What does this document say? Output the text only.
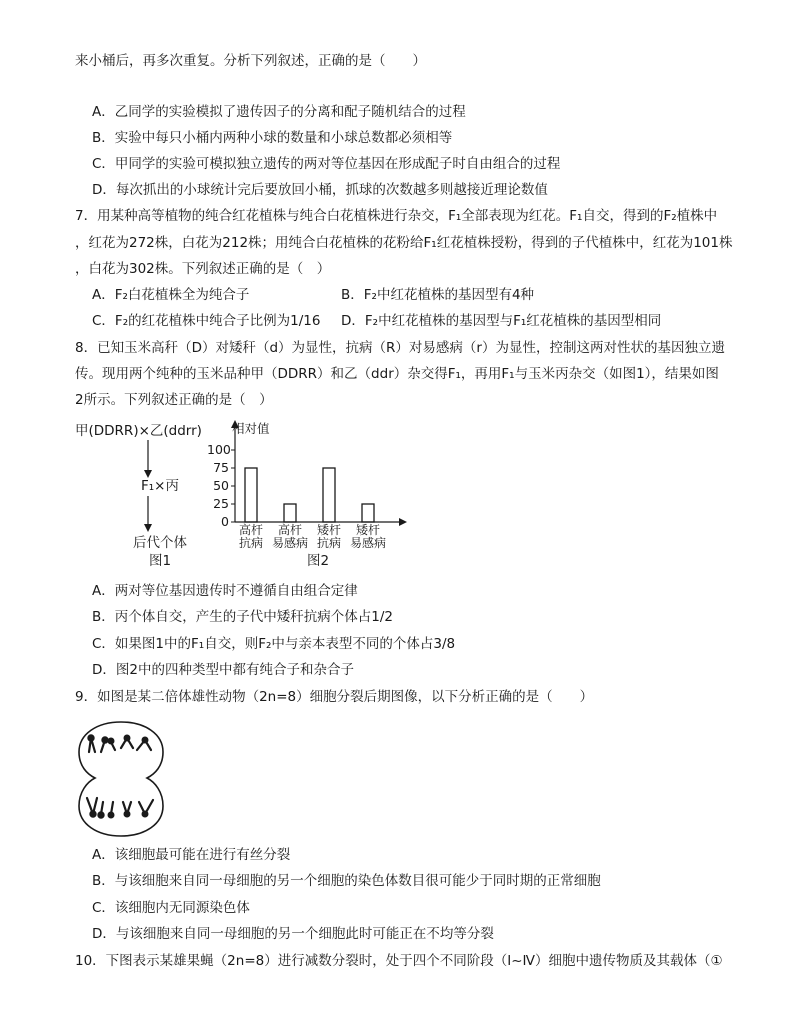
来小桶后，再多次重复。分析下列叙述，正确的是（　　）
A．乙同学的实验模拟了遗传因子的分离和配子随机结合的过程
B．实验中每只小桶内两种小球的数量和小球总数都必须相等
C．甲同学的实验可模拟独立遗传的两对等位基因在形成配子时自由组合的过程
D．每次抓出的小球统计完后要放回小桶，抓球的次数越多则越接近理论数值
7．用某种高等植物的纯合红花植株与纯合白花植株进行杂交，F₁全部表现为红花。F₁自交，得到的F₂植株中
，红花为272株，白花为212株；用纯合白花植株的花粉给F₁红花植株授粉，得到的子代植株中，红花为101株
，白花为302株。下列叙述正确的是（　）
A．F₂白花植株全为纯合子	B．F₂中红花植株的基因型有4种
C．F₂的红花植株中纯合子比例为1/16 D．F₂中红花植株的基因型与F₁红花植株的基因型相同
8．已知玉米高秆（D）对矮秆（d）为显性，抗病（R）对易感病（r）为显性，控制这两对性状的基因独立遗
传。现用两个纯种的玉米品种甲（DDRR）和乙（ddr）杂交得F₁，再用F₁与玉米丙杂交（如图1），结果如图
2所示。下列叙述正确的是（　）
甲(DDRR)×乙(ddrr)
F₁×丙
后代个体
图1
相对值
100
75
50
25
0
高杆
抗病
高杆
易感病
矮杆
抗病
矮杆
易感病
图2
A．两对等位基因遗传时不遵循自由组合定律
B．丙个体自交，产生的子代中矮秆抗病个体占1/2
C．如果图1中的F₁自交，则F₂中与亲本表型不同的个体占3/8
D．图2中的四种类型中都有纯合子和杂合子
9．如图是某二倍体雄性动物（2n=8）细胞分裂后期图像，以下分析正确的是（　　）
A．该细胞最可能在进行有丝分裂
B．与该细胞来自同一母细胞的另一个细胞的染色体数目很可能少于同时期的正常细胞
C．该细胞内无同源染色体
D．与该细胞来自同一母细胞的另一个细胞此时可能正在不均等分裂
10．下图表示某雄果蝇（2n=8）进行减数分裂时，处于四个不同阶段（Ⅰ~Ⅳ）细胞中遗传物质及其载体（①
